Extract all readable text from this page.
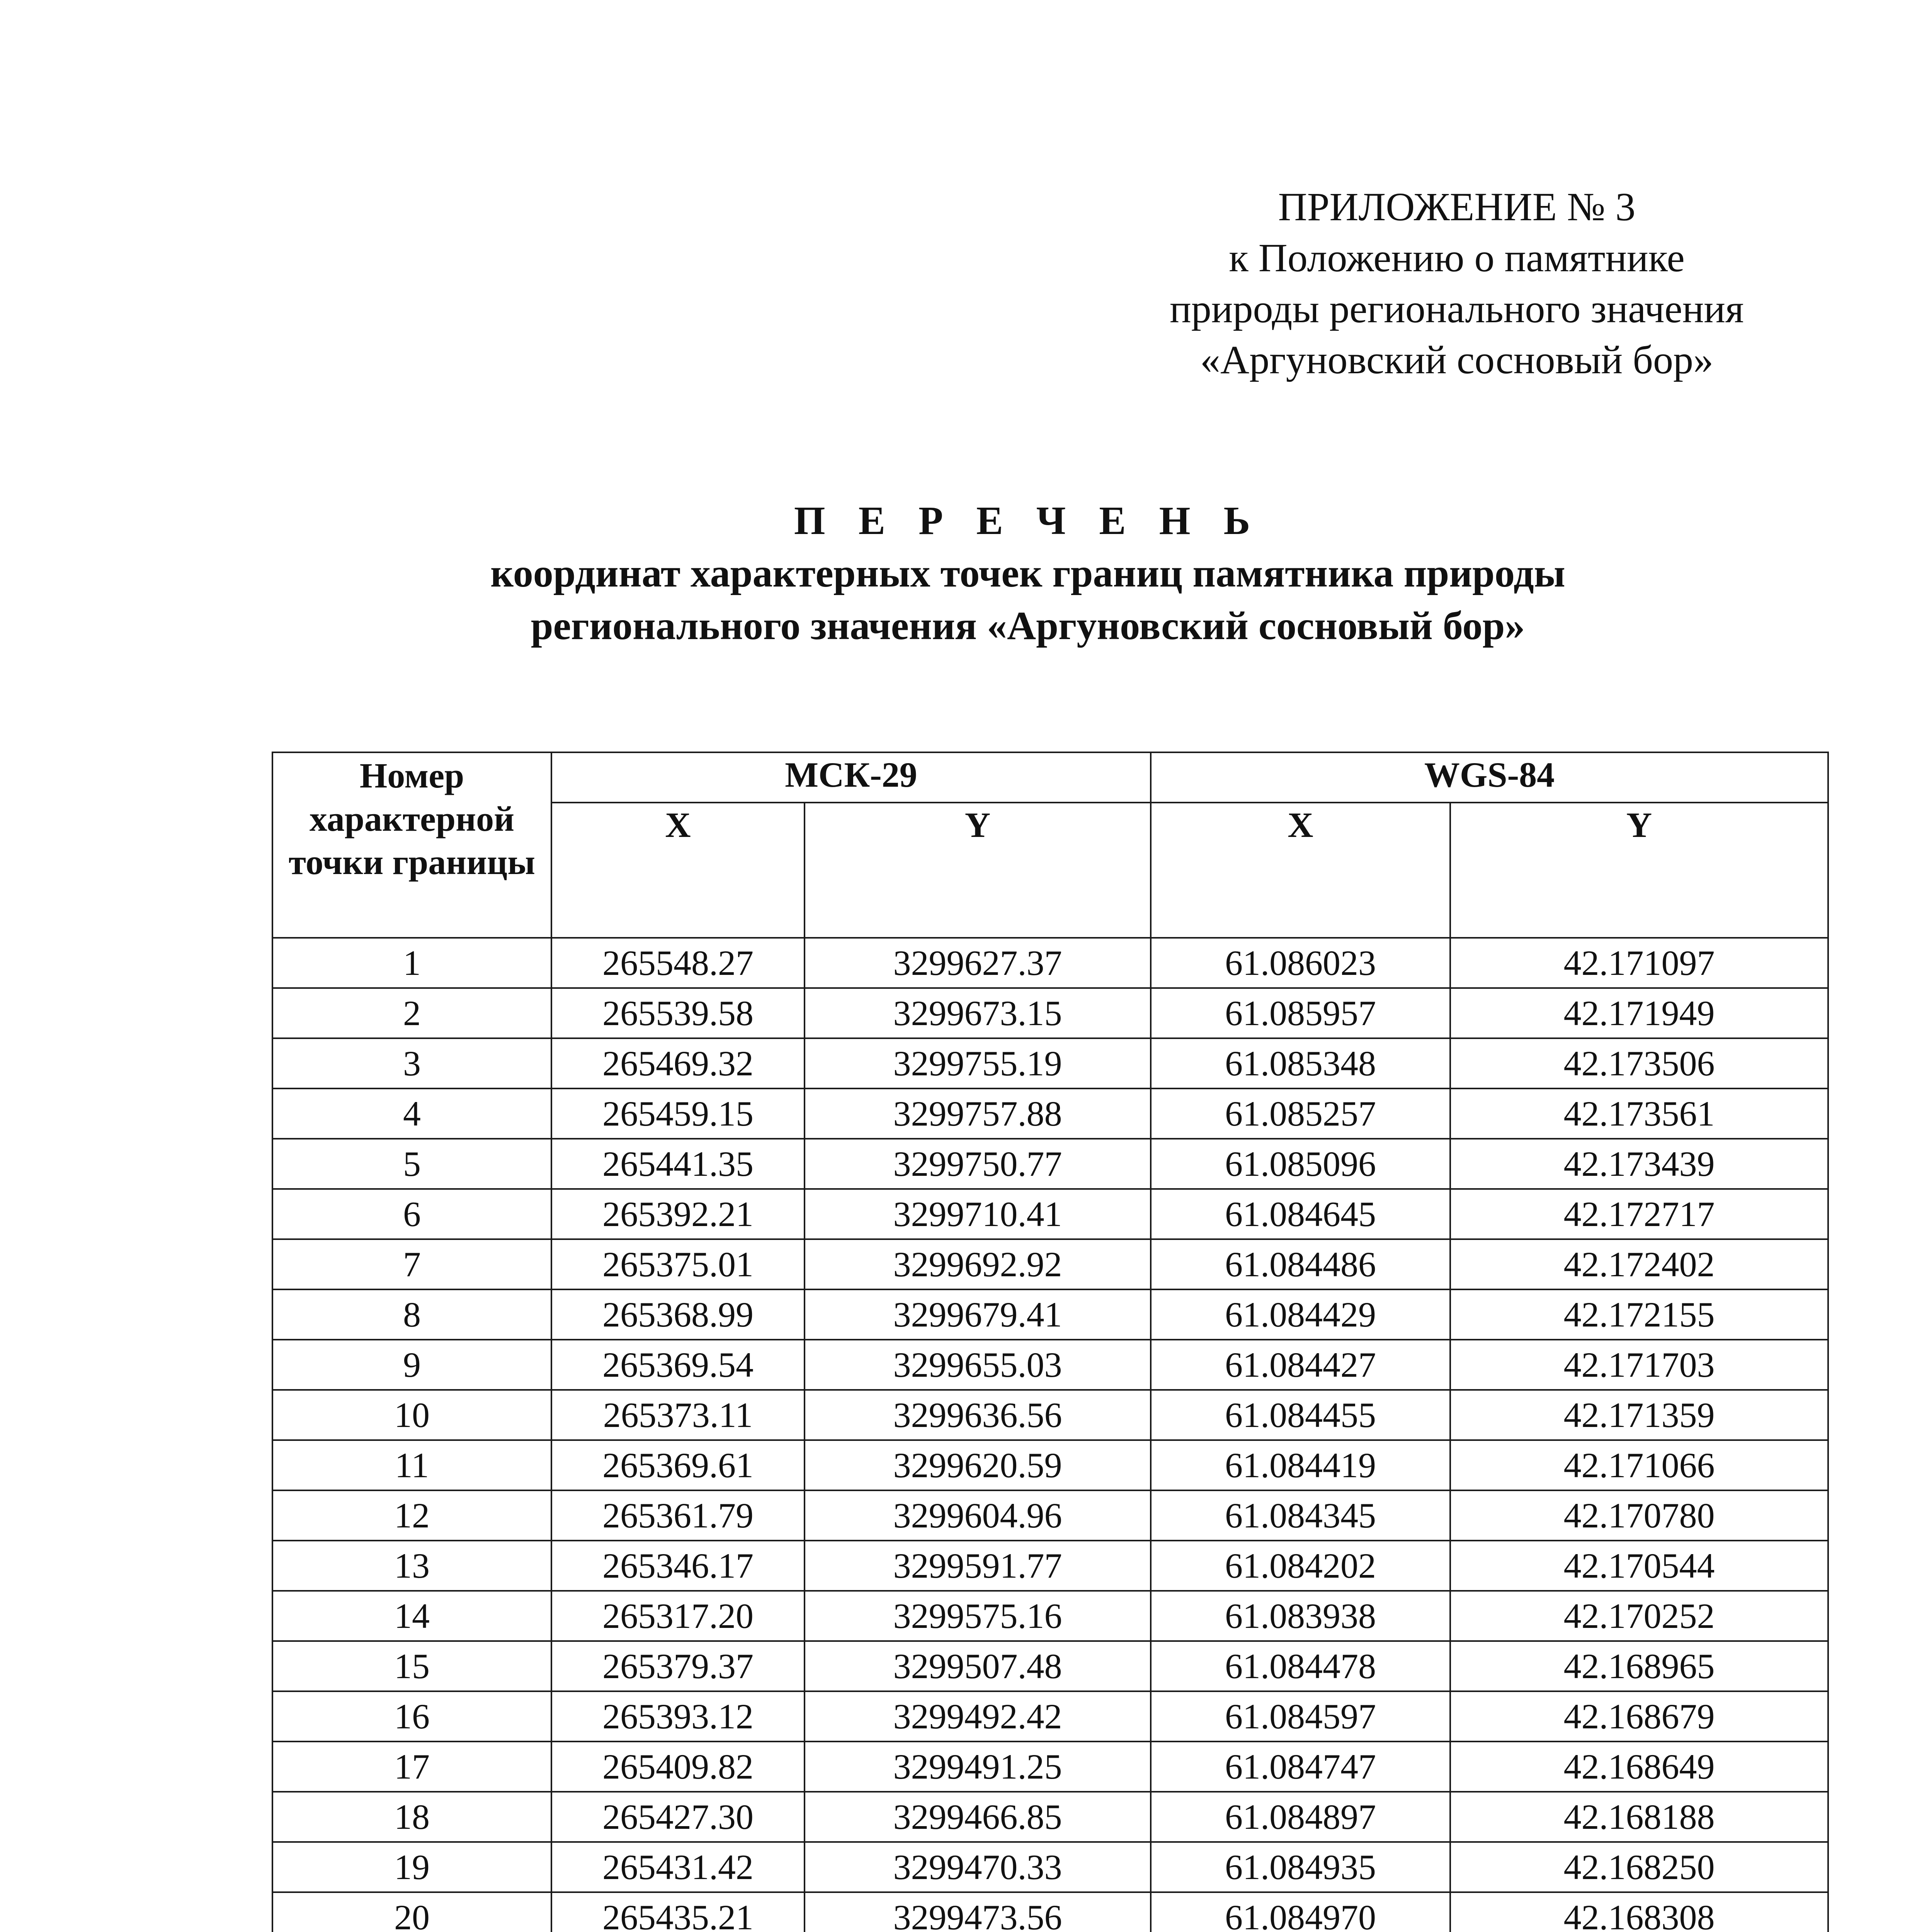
ПРИЛОЖЕНИЕ № 3
к Положению о памятнике
природы регионального значения
«Аргуновский сосновый бор»
П Е Р Е Ч Е Н Ь
координат характерных точек границ памятника природы
регионального значения «Аргуновский сосновый бор»
Номер характерной точки границы	МСК-29		WGS-84	
	X	Y	X	Y
1	265548.27	3299627.37	61.086023	42.171097
2	265539.58	3299673.15	61.085957	42.171949
3	265469.32	3299755.19	61.085348	42.173506
4	265459.15	3299757.88	61.085257	42.173561
5	265441.35	3299750.77	61.085096	42.173439
6	265392.21	3299710.41	61.084645	42.172717
7	265375.01	3299692.92	61.084486	42.172402
8	265368.99	3299679.41	61.084429	42.172155
9	265369.54	3299655.03	61.084427	42.171703
10	265373.11	3299636.56	61.084455	42.171359
11	265369.61	3299620.59	61.084419	42.171066
12	265361.79	3299604.96	61.084345	42.170780
13	265346.17	3299591.77	61.084202	42.170544
14	265317.20	3299575.16	61.083938	42.170252
15	265379.37	3299507.48	61.084478	42.168965
16	265393.12	3299492.42	61.084597	42.168679
17	265409.82	3299491.25	61.084747	42.168649
18	265427.30	3299466.85	61.084897	42.168188
19	265431.42	3299470.33	61.084935	42.168250
20	265435.21	3299473.56	61.084970	42.168308
